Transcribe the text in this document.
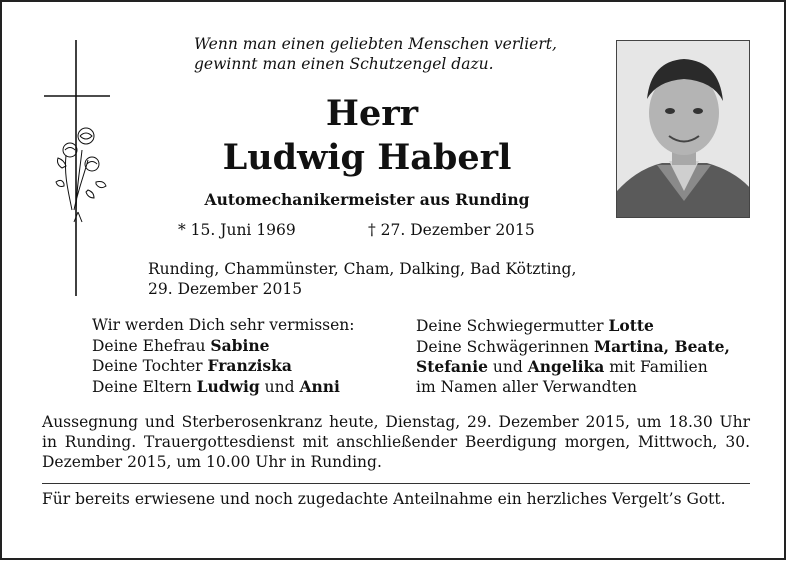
Wenn man einen geliebten Menschen verliert,
gewinnt man einen Schutzengel dazu.
Herr
Ludwig Haberl
Automechanikermeister aus Runding
* 15. Juni 1969	† 27. Dezember 2015
Runding, Chammünster, Cham, Dalking, Bad Kötzting,
29. Dezember 2015
Wir werden Dich sehr vermissen:
Deine Ehefrau Sabine
Deine Tochter Franziska
Deine Eltern Ludwig und Anni
Deine Schwiegermutter Lotte
Deine Schwägerinnen Martina, Beate,
Stefanie und Angelika mit Familien
im Namen aller Verwandten
Aussegnung und Sterberosenkranz heute, Dienstag, 29. Dezember 2015, um 18.30 Uhr in Runding. Trauergottesdienst mit anschließender Beerdigung morgen, Mittwoch, 30. Dezember 2015, um 10.00 Uhr in Runding.
Für bereits erwiesene und noch zugedachte Anteilnahme ein herzliches Vergelt’s Gott.
